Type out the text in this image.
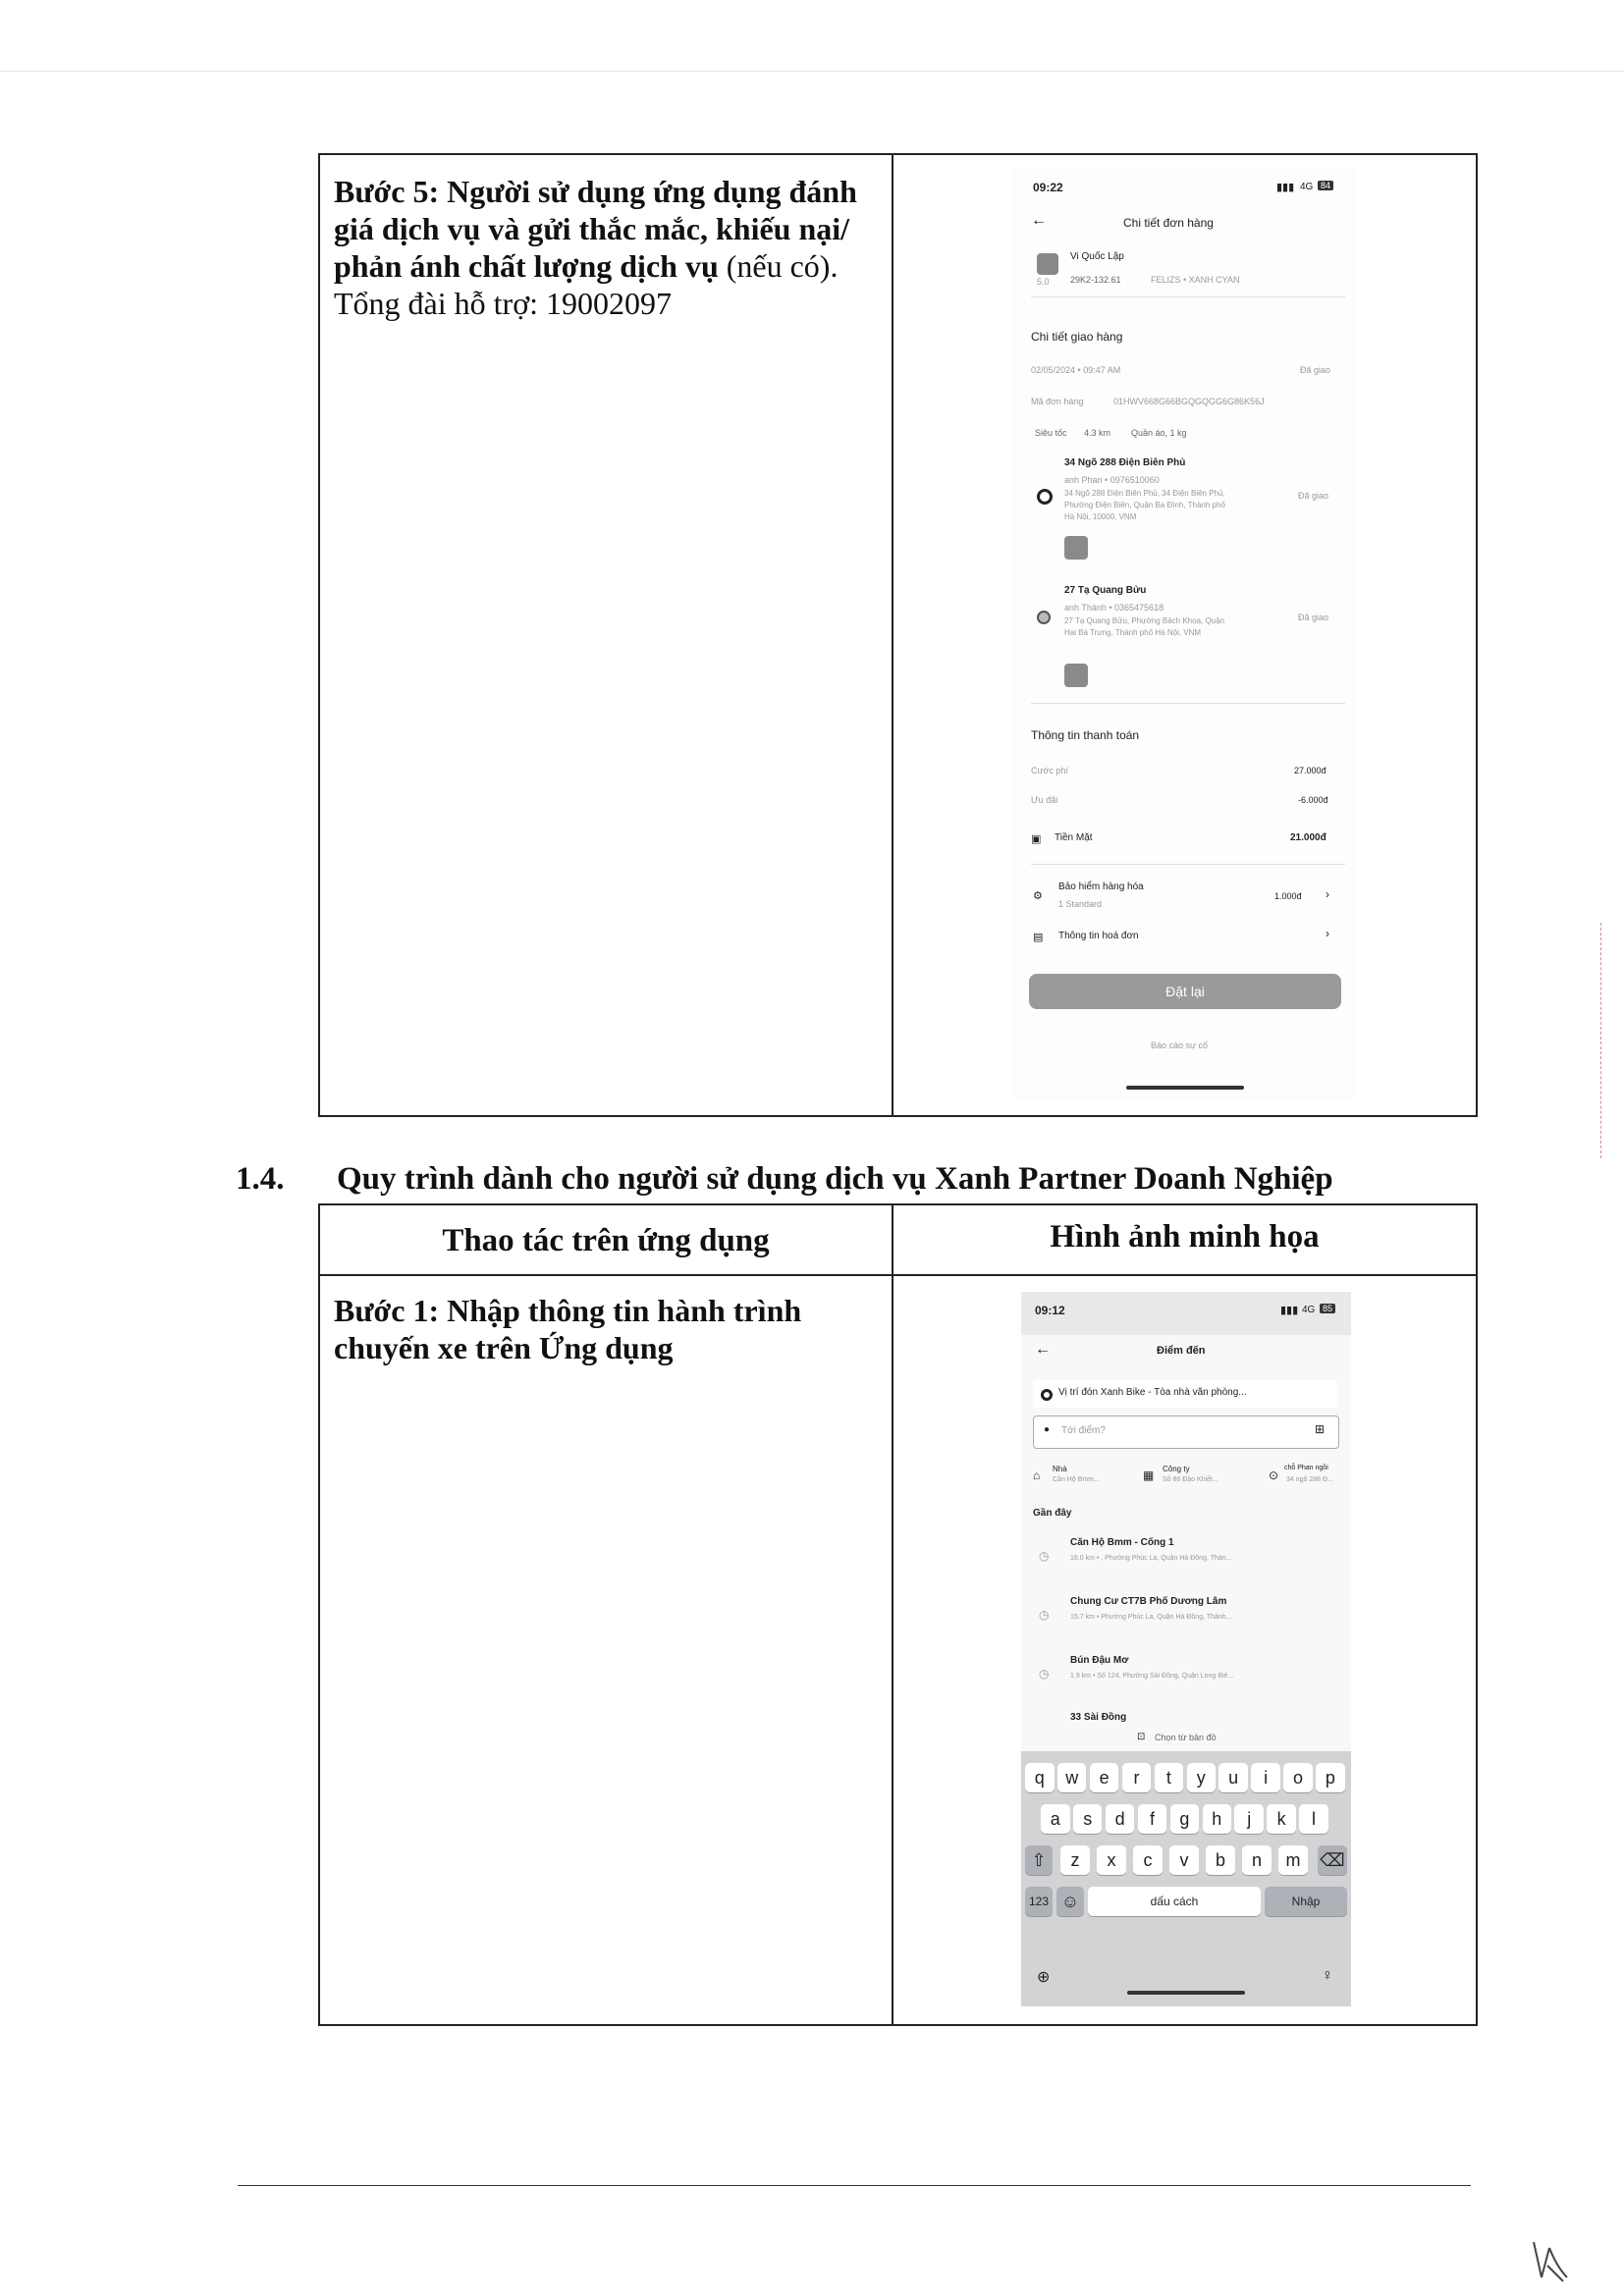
Bước 5: Người sử dụng ứng dụng đánh
giá dịch vụ và gửi thắc mắc, khiếu nại/
phản ánh chất lượng dịch vụ (nếu có).
Tổng đài hỗ trợ: 19002097
09:22	▮▮▮ 4G 84
←	Chi tiết đơn hàng
5.0
Vi Quốc Lập
29K2-132.61	FELIZS • XANH CYAN
Chi tiết giao hàng
02/05/2024 • 09:47 AM	Đã giao
Mã đơn hàng	01HWV668G66BGQGQGG6G86K56J
Siêu tốc 4.3 km Quần áo, 1 kg
34 Ngõ 288 Điện Biên Phủ
anh Phan • 0976510060
34 Ngõ 288 Điện Biên Phủ, 34 Điện Biên Phủ,
Phường Điện Biên, Quận Ba Đình, Thành phố
Hà Nội, 10000, VNM
Đã giao
27 Tạ Quang Bửu
anh Thành • 0365475618
27 Tạ Quang Bửu, Phường Bách Khoa, Quận
Hai Bà Trưng, Thành phố Hà Nội, VNM
Đã giao
Thông tin thanh toán
Cước phí	27.000đ
Ưu đãi	-6.000đ
▣ Tiền Mặt	21.000đ
⚙
Bảo hiểm hàng hóa
1 Standard
1.000đ ›
▤ Thông tin hoá đơn	›
Đặt lại
Báo cáo sự cố
1.4. Quy trình dành cho người sử dụng dịch vụ Xanh Partner Doanh Nghiệp
Thao tác trên ứng dụng	Hình ảnh minh họa
Bước 1: Nhập thông tin hành trình
chuyến xe trên Ứng dụng
09:12	▮▮▮ 4G 85
←	Điểm đến
Vị trí đón Xanh Bike - Tòa nhà văn phòng...
● Tới điểm?	⊞
⌂ Nhà
Căn Hộ Bmm...	▦ Công ty
Số 88 Đào Khiết...	⊙
chỗ Phan ngồi
34 ngõ 288 Đ...
Gần đây
◷
Căn Hộ Bmm - Cống 1
16.0 km • , Phường Phúc La, Quận Hà Đông, Thàn...
◷
Chung Cư CT7B Phố Dương Lâm
15.7 km • Phường Phúc La, Quận Hà Đông, Thành...
◷
Bún Đậu Mơ
1.9 km • Số 124, Phường Sài Đồng, Quận Long Biê...
33 Sài Đồng
⊡ Chọn từ bản đồ
q	w	e	r	t	y	u	i	o	p
a	s	d	f	g	h	j	k	l
z	x	c	v	b	n	m
⇧	⌫
123 ☺	dấu cách	Nhập
⊕	♀
